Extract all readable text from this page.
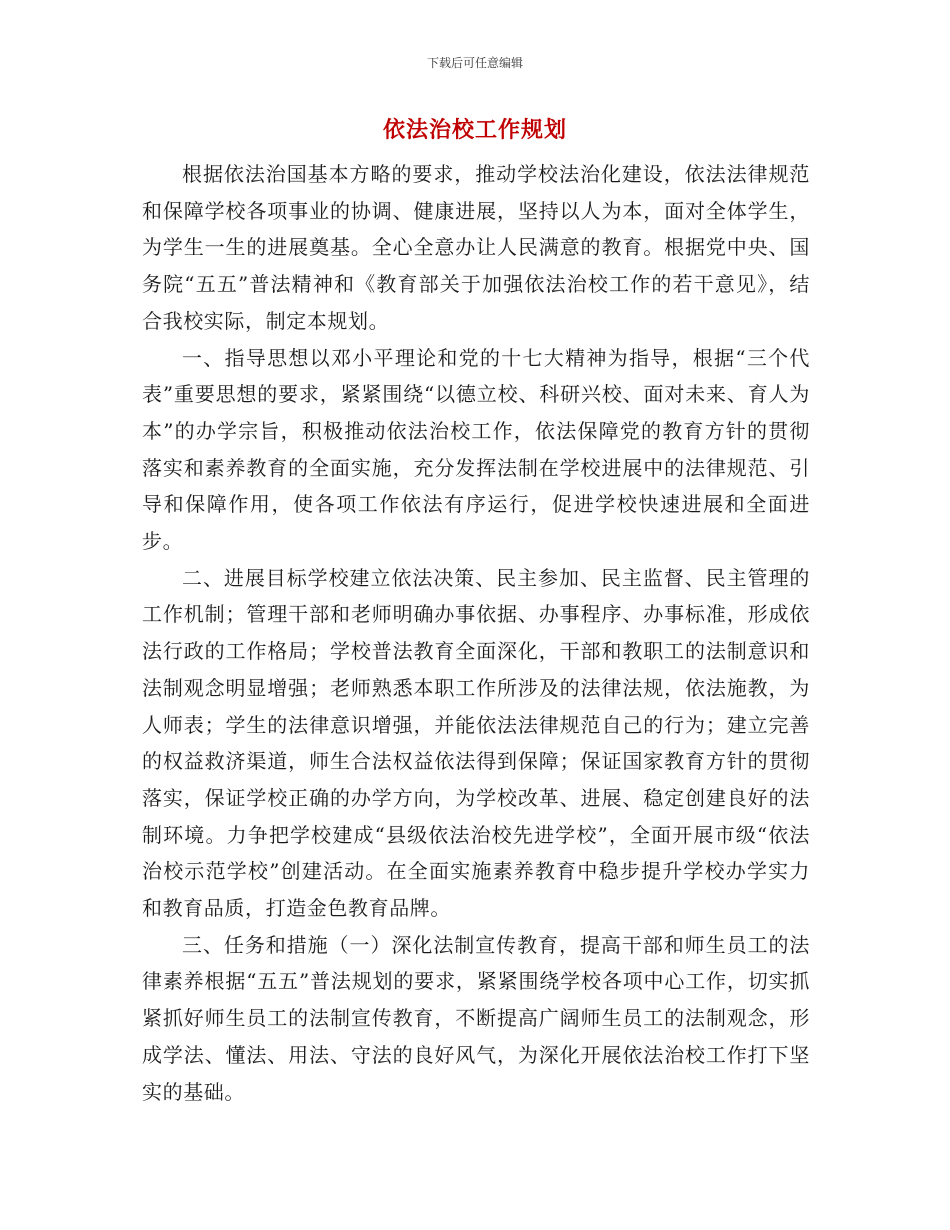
下载后可任意编辑
依法治校工作规划

根据依法治国基本方略的要求，推动学校法治化建设，依法法律规范和保障学校各项事业的协调、健康进展，坚持以人为本，面对全体学生，为学生一生的进展奠基。全心全意办让人民满意的教育。根据党中央、国务院“五五”普法精神和《教育部关于加强依法治校工作的若干意见》，结合我校实际，制定本规划。

一、指导思想以邓小平理论和党的十七大精神为指导，根据“三个代表”重要思想的要求，紧紧围绕“以德立校、科研兴校、面对未来、育人为本”的办学宗旨，积极推动依法治校工作，依法保障党的教育方针的贯彻落实和素养教育的全面实施，充分发挥法制在学校进展中的法律规范、引导和保障作用，使各项工作依法有序运行，促进学校快速进展和全面进步。

二、进展目标学校建立依法决策、民主参加、民主监督、民主管理的工作机制；管理干部和老师明确办事依据、办事程序、办事标准，形成依法行政的工作格局；学校普法教育全面深化，干部和教职工的法制意识和法制观念明显增强；老师熟悉本职工作所涉及的法律法规，依法施教，为人师表；学生的法律意识增强，并能依法法律规范自己的行为；建立完善的权益救济渠道，师生合法权益依法得到保障；保证国家教育方针的贯彻落实，保证学校正确的办学方向，为学校改革、进展、稳定创建良好的法制环境。力争把学校建成“县级依法治校先进学校”，全面开展市级“依法治校示范学校”创建活动。在全面实施素养教育中稳步提升学校办学实力和教育品质，打造金色教育品牌。

三、任务和措施（一）深化法制宣传教育，提高干部和师生员工的法律素养根据“五五”普法规划的要求，紧紧围绕学校各项中心工作，切实抓紧抓好师生员工的法制宣传教育，不断提高广阔师生员工的法制观念，形成学法、懂法、用法、守法的良好风气，为深化开展依法治校工作打下坚实的基础。
